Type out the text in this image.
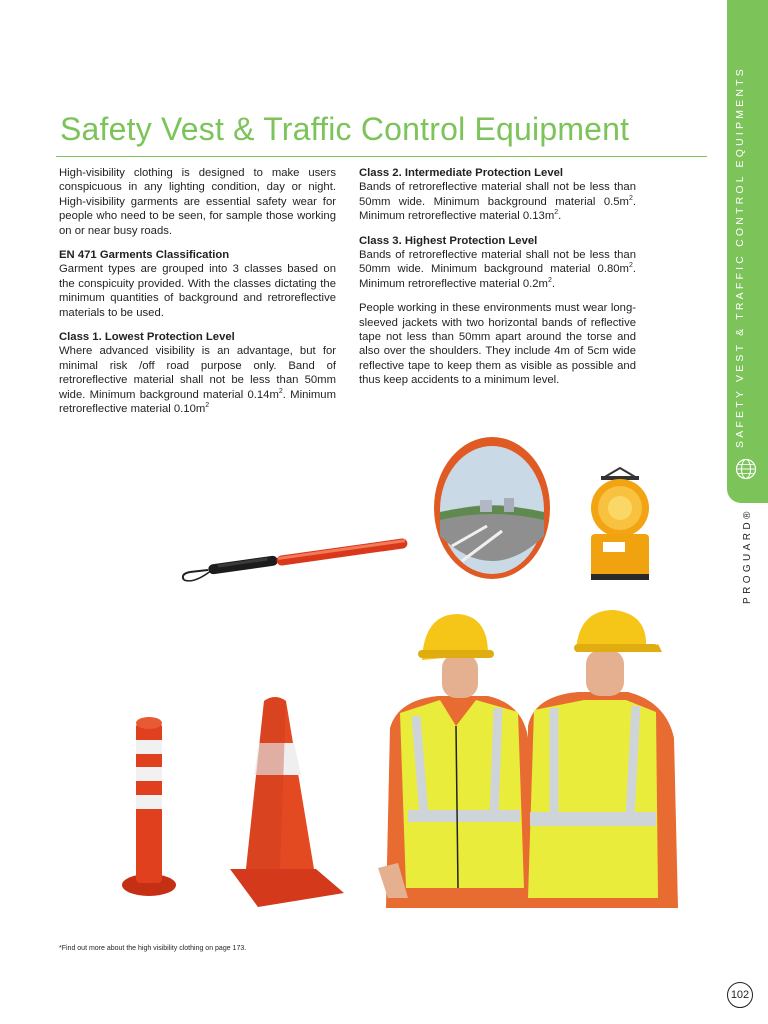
SAFETY VEST & TRAFFIC CONTROL EQUIPMENTS
PROGUARD®
Safety Vest & Traffic Control Equipment

High-visibility clothing is designed to make users conspicuous in any lighting condition, day or night. High-visibility garments are essential safety wear for people who need to be seen, for sample those working on or near busy roads.

EN 471 Garments Classification

Garment types are grouped into 3 classes based on the conspicuity provided. With the classes dictating the minimum quantities of background and retroreflective materials to be used.

Class 1. Lowest Protection Level

Where advanced visibility is an advantage, but for minimal risk /off road purpose only. Band of retroreflective material shall not be less than 50mm wide. Minimum background material $0.14m^2$. Minimum retroreflective material $0.10m^2$

Class 2. Intermediate Protection Level

Bands of retroreflective material shall not be less than 50mm wide. Minimum background material $0.5m^2$. Minimum retroreflective material $0.13m^2$.

Class 3. Highest Protection Level

Bands of retroreflective material shall not be less than 50mm wide. Minimum background material $0.80m^2$. Minimum retroreflective material $0.2m^2$.

People working in these environments must wear long-sleeved jackets with two horizontal bands of reflective tape not less than 50mm apart around the torse and also over the shoulders. They include 4m of 5cm wide reflective tape to keep them as visible as possible and thus keep accidents to a minimum level.

*Find out more about the high visibility clothing on page 173.
102
